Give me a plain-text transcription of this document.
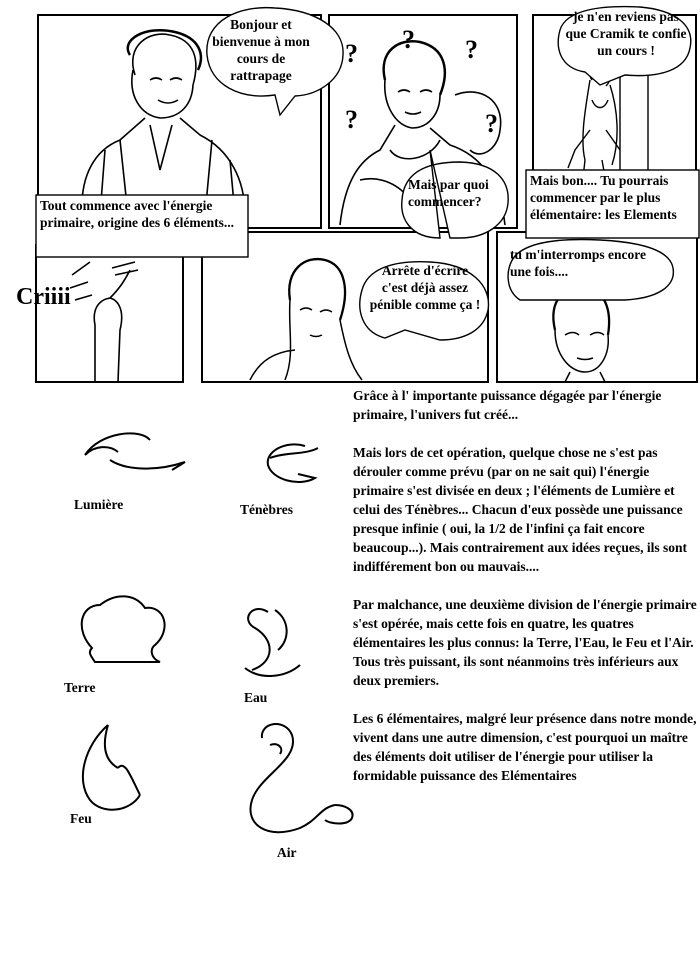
? ? ?
?	?

Bonjour et bienvenue à mon cours de rattrapage

Tout commence avec l'énergie primaire, origine des 6 éléments...

Mais par quoi commencer?

je n'en reviens pas que Cramik te confie un cours !

Mais bon.... Tu pourrais commencer par le plus élémentaire: les Elements

Criiii

Arrête d'écrire c'est déjà assez pénible comme ça !

tu m'interromps encore une fois....

Grâce à l' importante puissance dégagée par l'énergie primaire, l'univers fut créé...

Mais lors de cet opération, quelque chose ne s'est pas dérouler comme prévu (par on ne sait qui) l'énergie primaire s'est divisée en deux ; l'éléments de Lumière et celui des Ténèbres... Chacun d'eux possède une puissance presque infinie ( oui, la 1/2 de l'infini ça fait encore beaucoup...). Mais contrairement aux idées reçues, ils sont indifférement bon ou mauvais....

Par malchance, une deuxième division de l'énergie primaire s'est opérée, mais cette fois en quatre, les quatres élémentaires les plus connus: la Terre, l'Eau, le Feu et l'Air. Tous très puissant, ils sont néanmoins très inférieurs aux deux premiers.

Les 6 élémentaires, malgré leur présence dans notre monde, vivent dans une autre dimension, c'est pourquoi un maître des éléments doit utiliser de l'énergie pour utiliser la formidable puissance des Elémentaires

Lumière	Ténèbres
Terre
Eau
Feu
Air
